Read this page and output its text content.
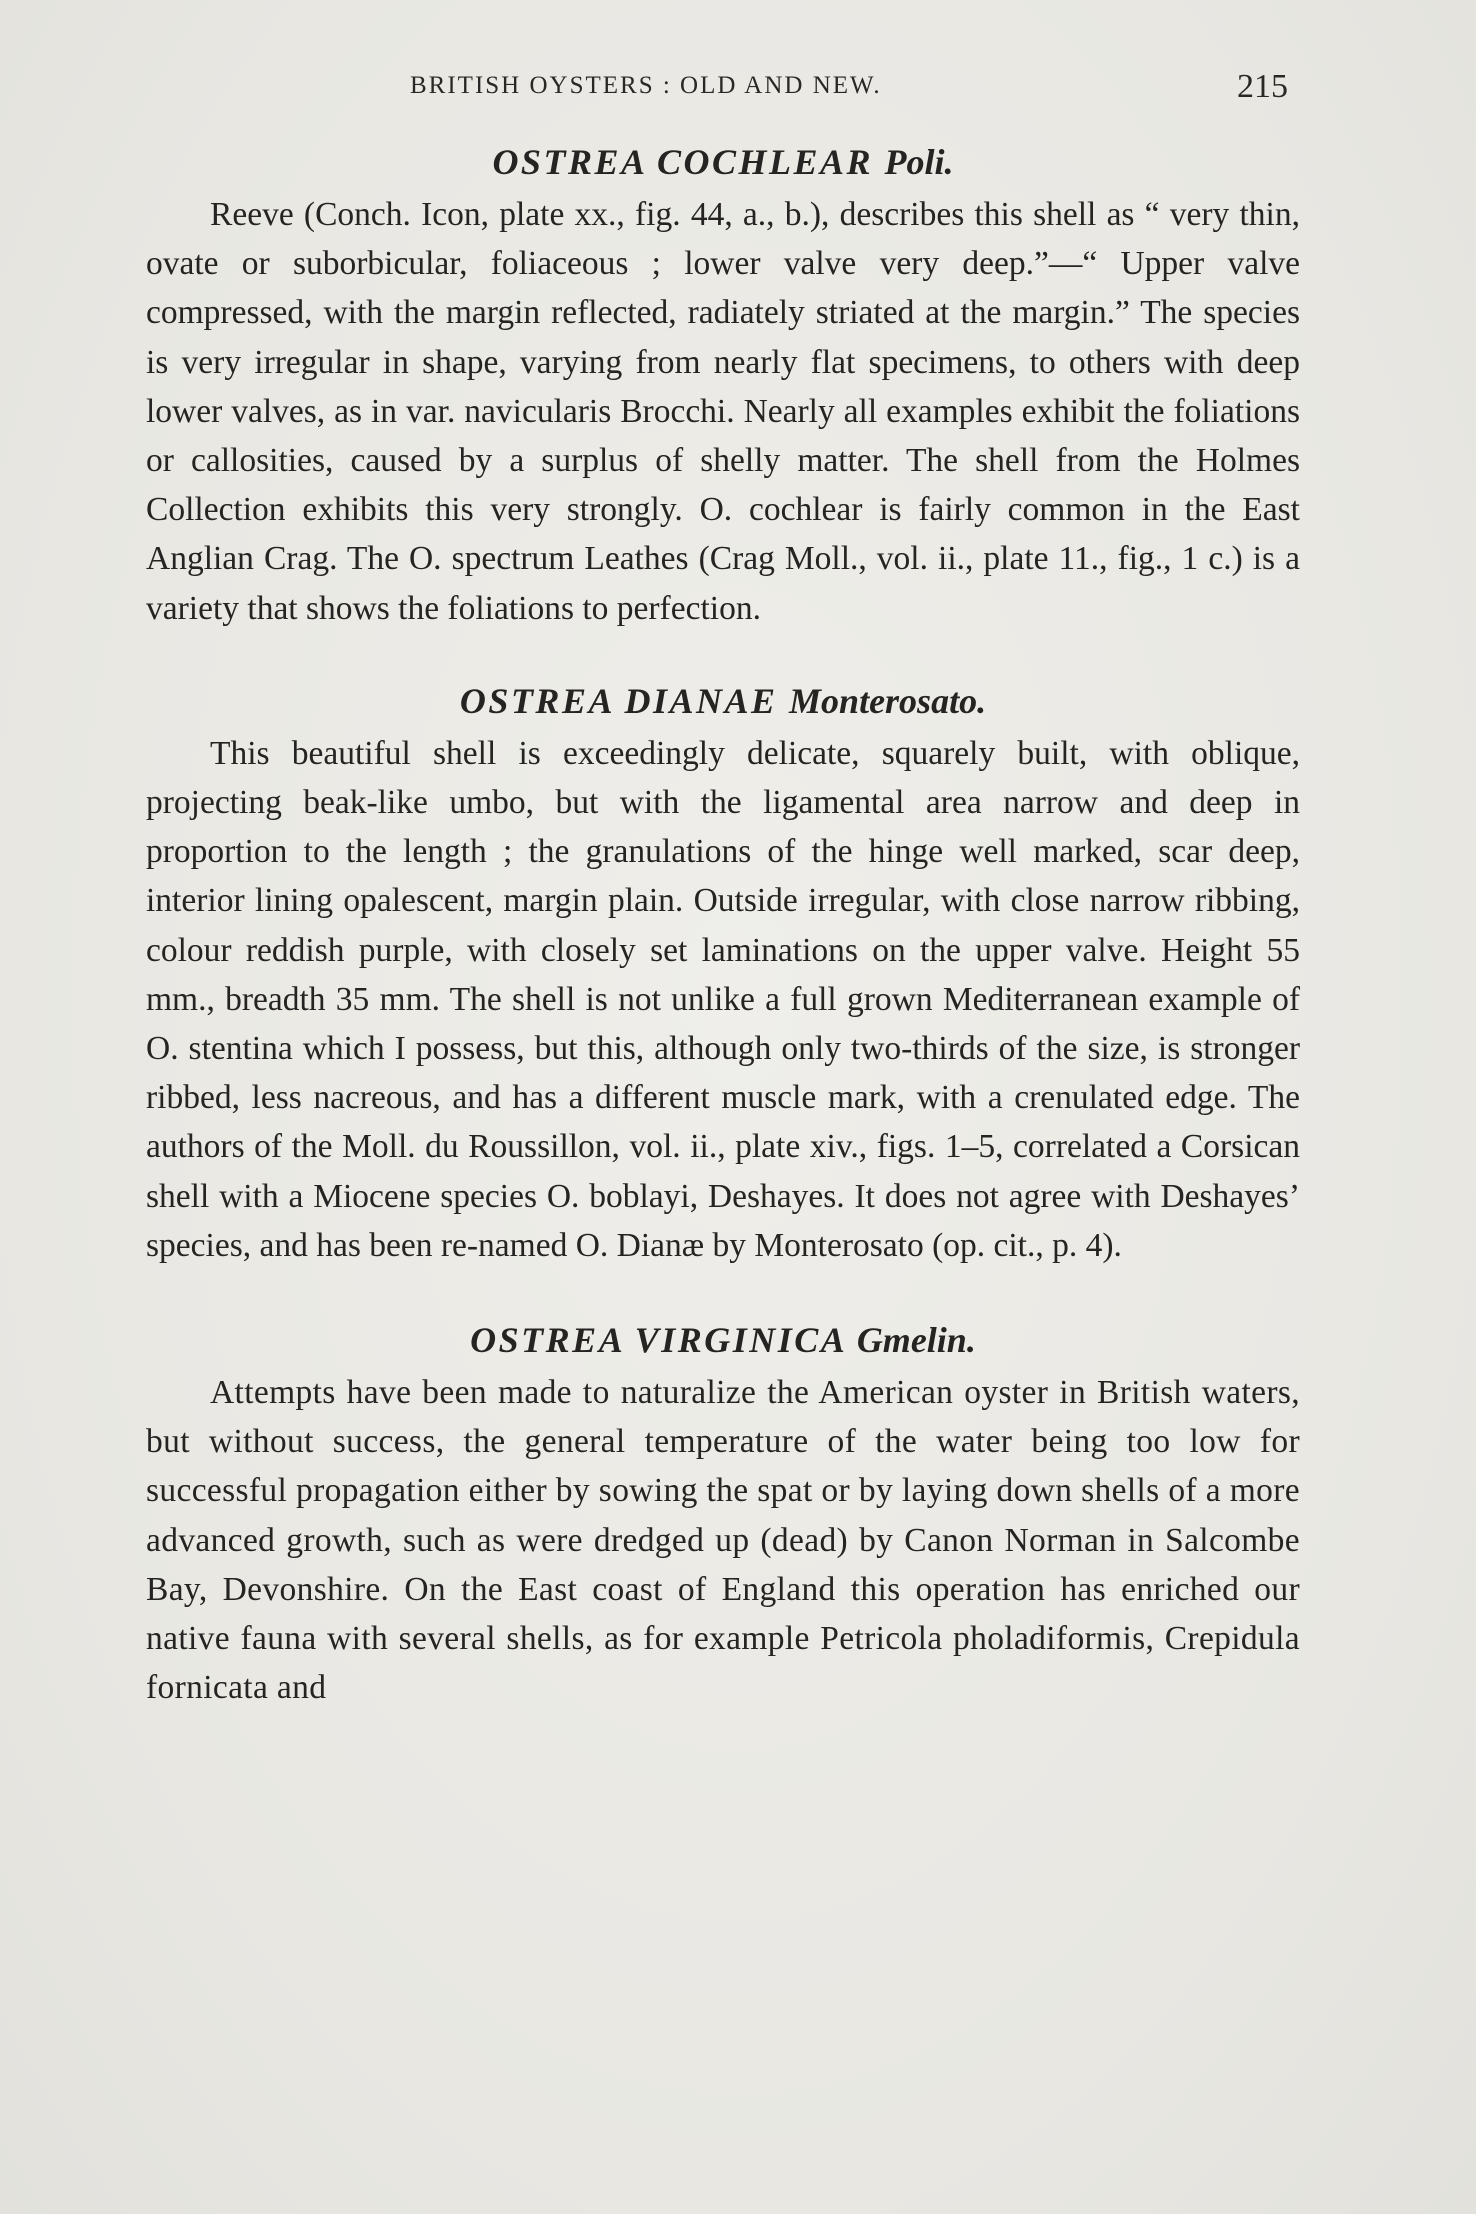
BRITISH OYSTERS : OLD AND NEW.	215
OSTREA COCHLEAR Poli.

Reeve (Conch. Icon, plate xx., fig. 44, a., b.), describes this shell as “ very thin, ovate or suborbicular, foliaceous ; lower valve very deep.”—“ Upper valve compressed, with the margin reflected, radiately striated at the margin.” The species is very irregular in shape, varying from nearly flat specimens, to others with deep lower valves, as in var. navicularis Brocchi. Nearly all examples exhibit the foliations or callosities, caused by a surplus of shelly matter. The shell from the Holmes Collection exhibits this very strongly. O. cochlear is fairly common in the East Anglian Crag. The O. spectrum Leathes (Crag Moll., vol. ii., plate 11., fig., 1 c.) is a variety that shows the foliations to perfection.

OSTREA DIANAE Monterosato.

This beautiful shell is exceedingly delicate, squarely built, with oblique, projecting beak-like umbo, but with the ligamental area narrow and deep in proportion to the length ; the granulations of the hinge well marked, scar deep, interior lining opalescent, margin plain. Outside irregular, with close narrow ribbing, colour reddish purple, with closely set laminations on the upper valve. Height 55 mm., breadth 35 mm. The shell is not unlike a full grown Mediterranean example of O. stentina which I possess, but this, although only two-thirds of the size, is stronger ribbed, less nacreous, and has a different muscle mark, with a crenulated edge. The authors of the Moll. du Roussillon, vol. ii., plate xiv., figs. 1–5, correlated a Corsican shell with a Miocene species O. boblayi, Deshayes. It does not agree with Deshayes’ species, and has been re-named O. Dianæ by Monterosato (op. cit., p. 4).

OSTREA VIRGINICA Gmelin.

Attempts have been made to naturalize the American oyster in British waters, but without success, the general temperature of the water being too low for successful propagation either by sowing the spat or by laying down shells of a more advanced growth, such as were dredged up (dead) by Canon Norman in Salcombe Bay, Devonshire. On the East coast of England this operation has enriched our native fauna with several shells, as for example Petricola pholadiformis, Crepidula fornicata and
